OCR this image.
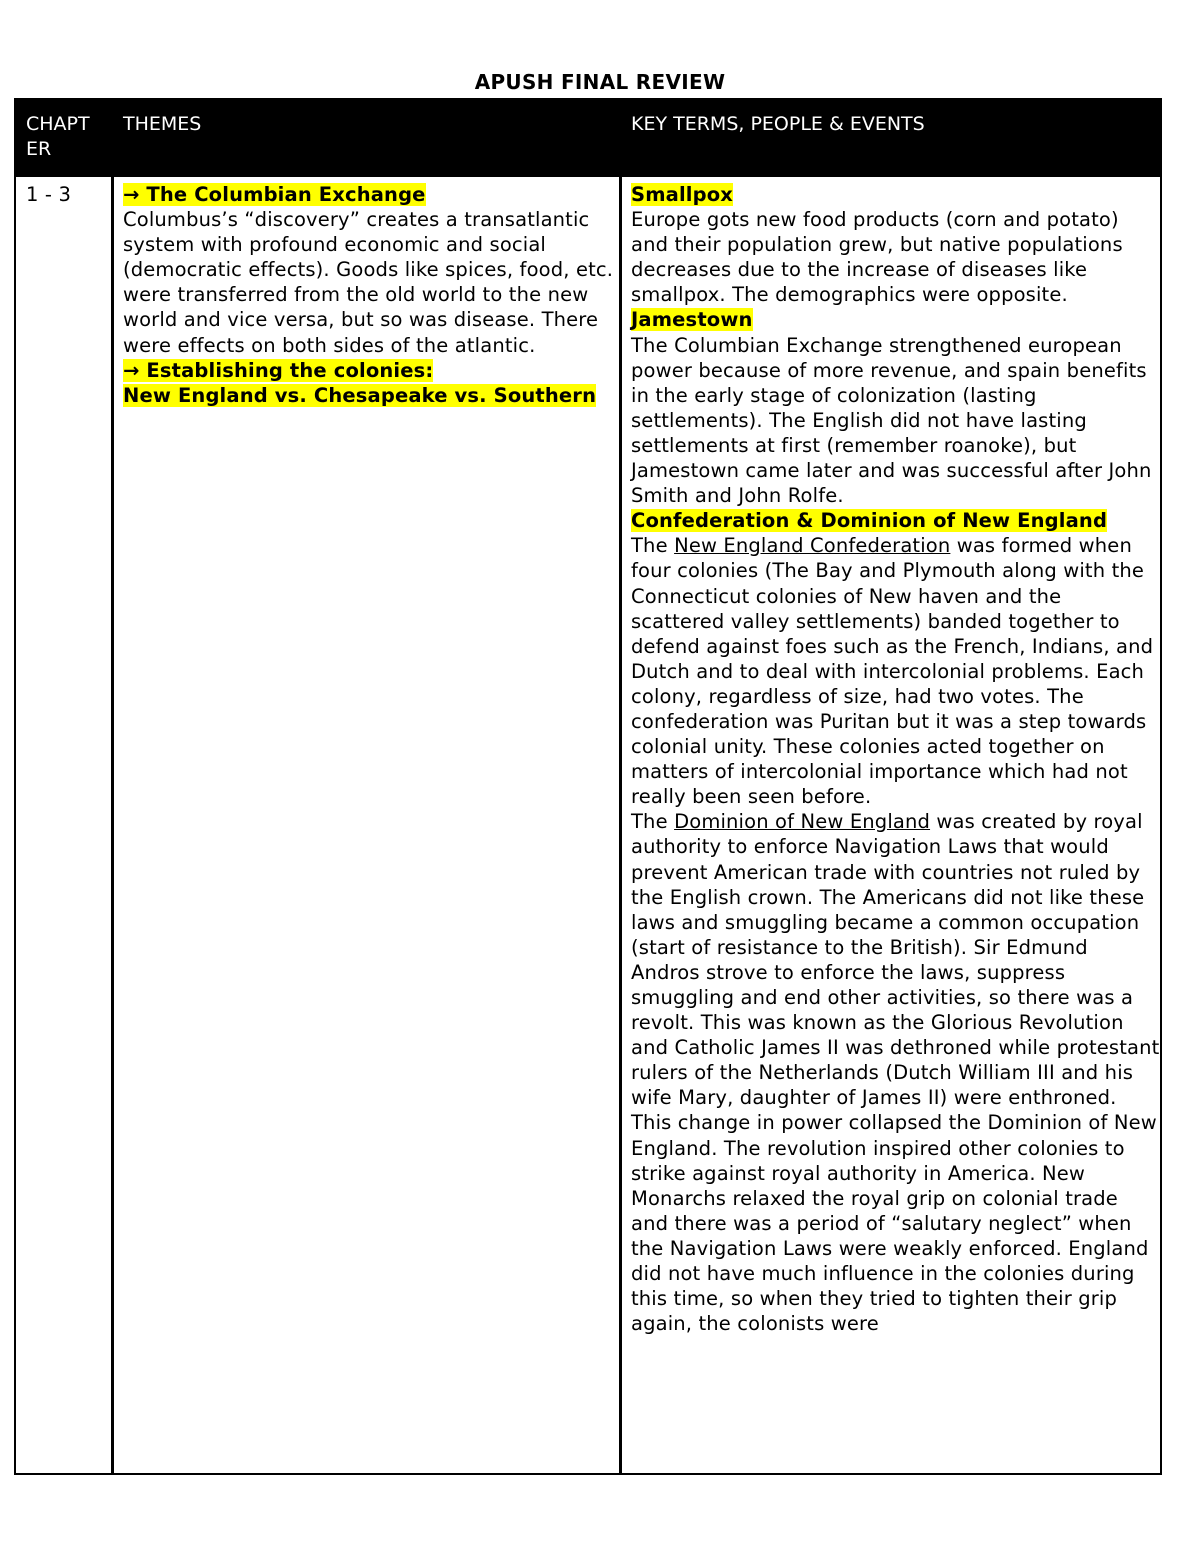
APUSH FINAL REVIEW
CHAPT ER
THEMES	KEY TERMS, PEOPLE & EVENTS
1 - 3	→ The Columbian Exchange

Columbus’s “discovery” creates a transatlantic system with profound economic and social (democratic effects). Goods like spices, food, etc. were transferred from the old world to the new world and vice versa, but so was disease. There were effects on both sides of the atlantic.

→ Establishing the colonies:

New England vs. Chesapeake vs. Southern

Smallpox

Europe gots new food products (corn and potato) and their population grew, but native populations decreases due to the increase of diseases like smallpox. The demographics were opposite.

Jamestown

The Columbian Exchange strengthened european power because of more revenue, and spain benefits in the early stage of colonization (lasting settlements). The English did not have lasting settlements at first (remember roanoke), but Jamestown came later and was successful after John Smith and John Rolfe.

Confederation & Dominion of New England

The New England Confederation was formed when four colonies (The Bay and Plymouth along with the Connecticut colonies of New haven and the scattered valley settlements) banded together to defend against foes such as the French, Indians, and Dutch and to deal with intercolonial problems. Each colony, regardless of size, had two votes. The confederation was Puritan but it was a step towards colonial unity. These colonies acted together on matters of intercolonial importance which had not really been seen before.

The Dominion of New England was created by royal authority to enforce Navigation Laws that would prevent American trade with countries not ruled by the English crown. The Americans did not like these laws and smuggling became a common occupation (start of resistance to the British). Sir Edmund Andros strove to enforce the laws, suppress smuggling and end other activities, so there was a revolt. This was known as the Glorious Revolution and Catholic James II was dethroned while protestant rulers of the Netherlands (Dutch William III and his wife Mary, daughter of James II) were enthroned. This change in power collapsed the Dominion of New England. The revolution inspired other colonies to strike against royal authority in America. New Monarchs relaxed the royal grip on colonial trade and there was a period of “salutary neglect” when the Navigation Laws were weakly enforced. England did not have much influence in the colonies during this time, so when they tried to tighten their grip again, the colonists were
